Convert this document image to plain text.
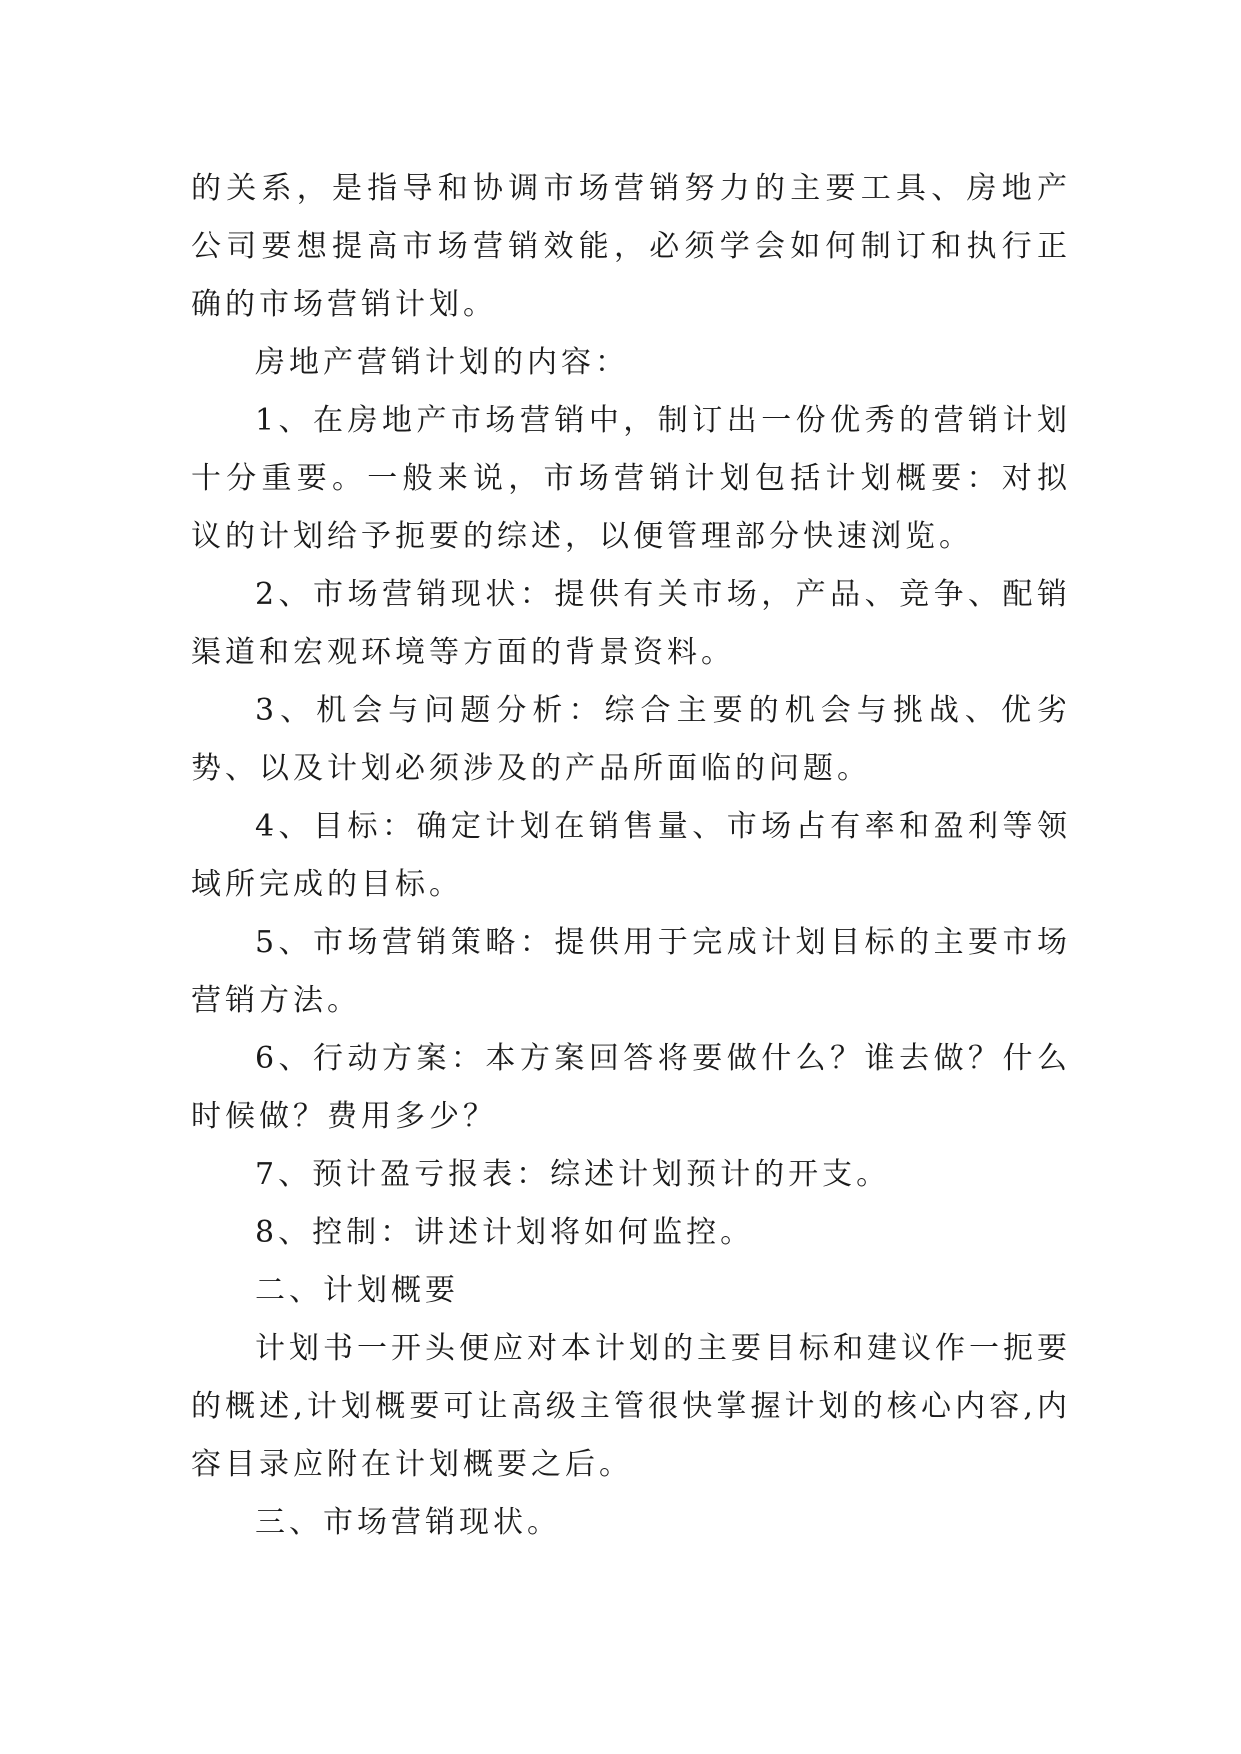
的关系，是指导和协调市场营销努力的主要工具、房地产公司要想提高市场营销效能，必须学会如何制订和执行正确的市场营销计划。

房地产营销计划的内容：

1、在房地产市场营销中，制订出一份优秀的营销计划十分重要。一般来说，市场营销计划包括计划概要：对拟议的计划给予扼要的综述，以便管理部分快速浏览。

2、市场营销现状：提供有关市场，产品、竞争、配销渠道和宏观环境等方面的背景资料。

3、机会与问题分析：综合主要的机会与挑战、优劣势、以及计划必须涉及的产品所面临的问题。

4、目标：确定计划在销售量、市场占有率和盈利等领域所完成的目标。

5、市场营销策略：提供用于完成计划目标的主要市场营销方法。

6、行动方案：本方案回答将要做什么？谁去做？什么时候做？费用多少？

7、预计盈亏报表：综述计划预计的开支。

8、控制：讲述计划将如何监控。

二、计划概要

计划书一开头便应对本计划的主要目标和建议作一扼要的概述,计划概要可让高级主管很快掌握计划的核心内容,内容目录应附在计划概要之后。

三、市场营销现状。
